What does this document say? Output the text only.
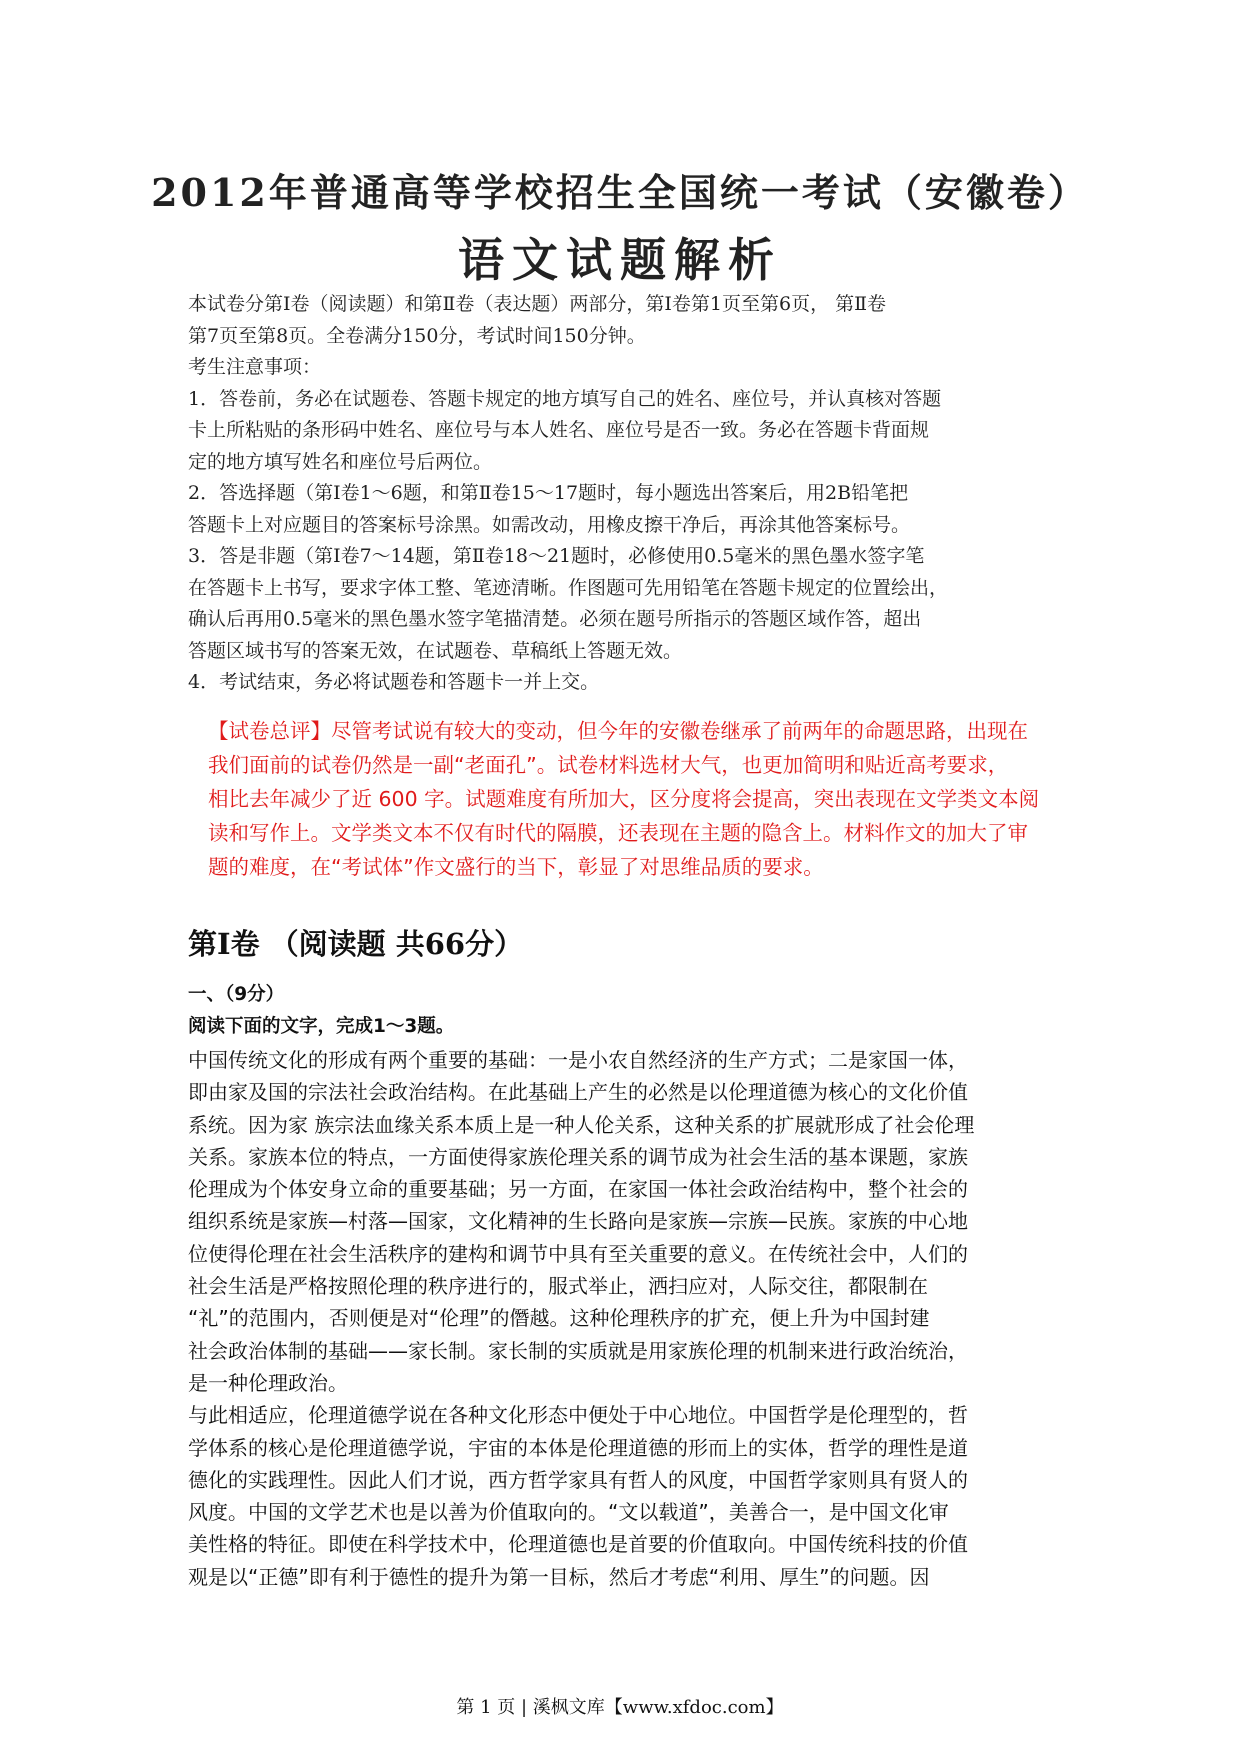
2012年普通高等学校招生全国统一考试（安徽卷）
语文试题解析

本试卷分第Ⅰ卷（阅读题）和第Ⅱ卷（表达题）两部分，第Ⅰ卷第1页至第6页， 第Ⅱ卷

第7页至第8页。全卷满分150分，考试时间150分钟。

考生注意事项：

1．答卷前，务必在试题卷、答题卡规定的地方填写自己的姓名、座位号，并认真核对答题

卡上所粘贴的条形码中姓名、座位号与本人姓名、座位号是否一致。务必在答题卡背面规

定的地方填写姓名和座位号后两位。

2．答选择题（第Ⅰ卷1～6题，和第Ⅱ卷15～17题时，每小题选出答案后，用2B铅笔把

答题卡上对应题目的答案标号涂黑。如需改动，用橡皮擦干净后，再涂其他答案标号。

3．答是非题（第Ⅰ卷7～14题，第Ⅱ卷18～21题时，必修使用0.5毫米的黑色墨水签字笔

在答题卡上书写，要求字体工整、笔迹清晰。作图题可先用铅笔在答题卡规定的位置绘出，

确认后再用0.5毫米的黑色墨水签字笔描清楚。必须在题号所指示的答题区域作答，超出

答题区域书写的答案无效，在试题卷、草稿纸上答题无效。

4．考试结束，务必将试题卷和答题卡一并上交。

【试卷总评】尽管考试说有较大的变动，但今年的安徽卷继承了前两年的命题思路，出现在

我们面前的试卷仍然是一副“老面孔”。试卷材料选材大气，也更加简明和贴近高考要求，

相比去年减少了近 600 字。试题难度有所加大，区分度将会提高，突出表现在文学类文本阅

读和写作上。文学类文本不仅有时代的隔膜，还表现在主题的隐含上。材料作文的加大了审

题的难度，在“考试体”作文盛行的当下，彰显了对思维品质的要求。

第Ⅰ卷 （阅读题 共66分）
一、（9分）
阅读下面的文字，完成1～3题。

中国传统文化的形成有两个重要的基础：一是小农自然经济的生产方式；二是家国一体，

即由家及国的宗法社会政治结构。在此基础上产生的必然是以伦理道德为核心的文化价值

系统。因为家 族宗法血缘关系本质上是一种人伦关系，这种关系的扩展就形成了社会伦理

关系。家族本位的特点，一方面使得家族伦理关系的调节成为社会生活的基本课题，家族

伦理成为个体安身立命的重要基础；另一方面，在家国一体社会政治结构中，整个社会的

组织系统是家族—村落—国家，文化精神的生长路向是家族—宗族—民族。家族的中心地

位使得伦理在社会生活秩序的建构和调节中具有至关重要的意义。在传统社会中，人们的

社会生活是严格按照伦理的秩序进行的，服式举止，洒扫应对，人际交往，都限制在

“礼”的范围内，否则便是对“伦理”的僭越。这种伦理秩序的扩充，便上升为中国封建

社会政治体制的基础——家长制。家长制的实质就是用家族伦理的机制来进行政治统治，

是一种伦理政治。

与此相适应，伦理道德学说在各种文化形态中便处于中心地位。中国哲学是伦理型的，哲

学体系的核心是伦理道德学说，宇宙的本体是伦理道德的形而上的实体，哲学的理性是道

德化的实践理性。因此人们才说，西方哲学家具有哲人的风度，中国哲学家则具有贤人的

风度。中国的文学艺术也是以善为价值取向的。“文以载道”，美善合一，是中国文化审

美性格的特征。即使在科学技术中，伦理道德也是首要的价值取向。中国传统科技的价值

观是以“正德”即有利于德性的提升为第一目标，然后才考虑“利用、厚生”的问题。因

第 1 页 | 溪枫文库【www.xfdoc.com】
